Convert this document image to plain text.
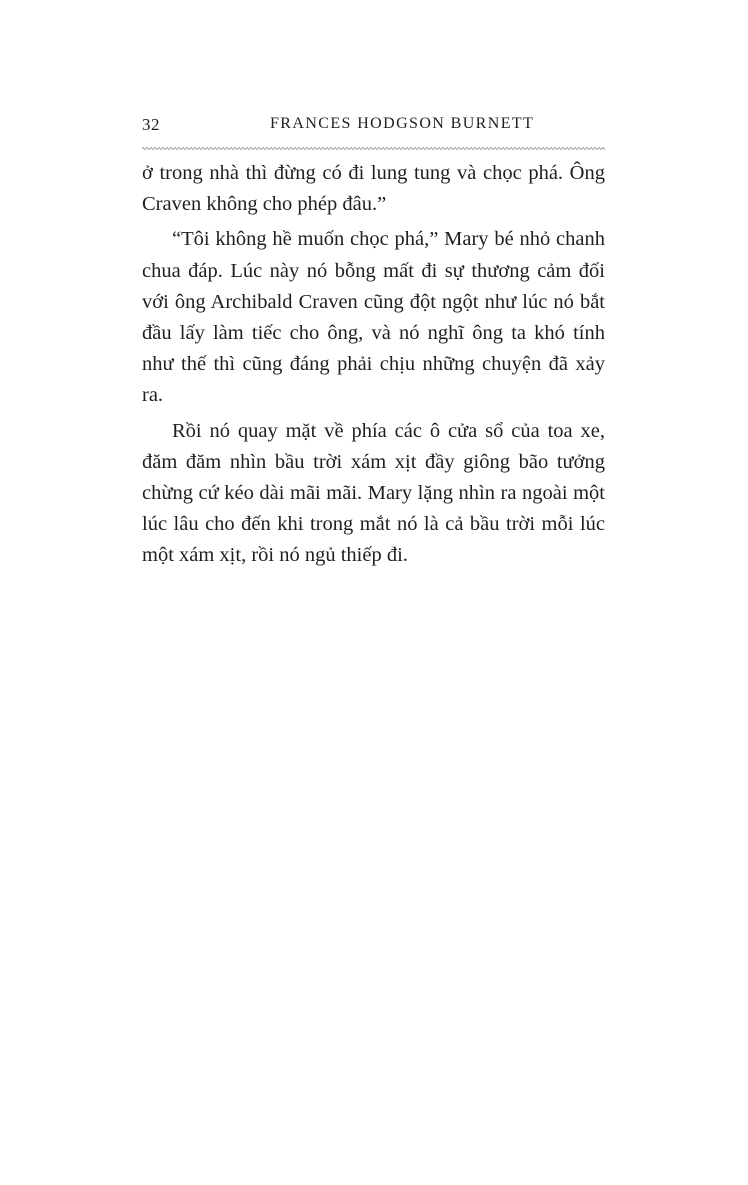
32	FRANCES HODGSON BURNETT

ở trong nhà thì đừng có đi lung tung và chọc phá. Ông Craven không cho phép đâu.”

“Tôi không hề muốn chọc phá,” Mary bé nhỏ chanh chua đáp. Lúc này nó bỗng mất đi sự thương cảm đối với ông Archibald Craven cũng đột ngột như lúc nó bắt đầu lấy làm tiếc cho ông, và nó nghĩ ông ta khó tính như thế thì cũng đáng phải chịu những chuyện đã xảy ra.

Rồi nó quay mặt về phía các ô cửa sổ của toa xe, đăm đăm nhìn bầu trời xám xịt đầy giông bão tưởng chừng cứ kéo dài mãi mãi. Mary lặng nhìn ra ngoài một lúc lâu cho đến khi trong mắt nó là cả bầu trời mỗi lúc một xám xịt, rồi nó ngủ thiếp đi.
